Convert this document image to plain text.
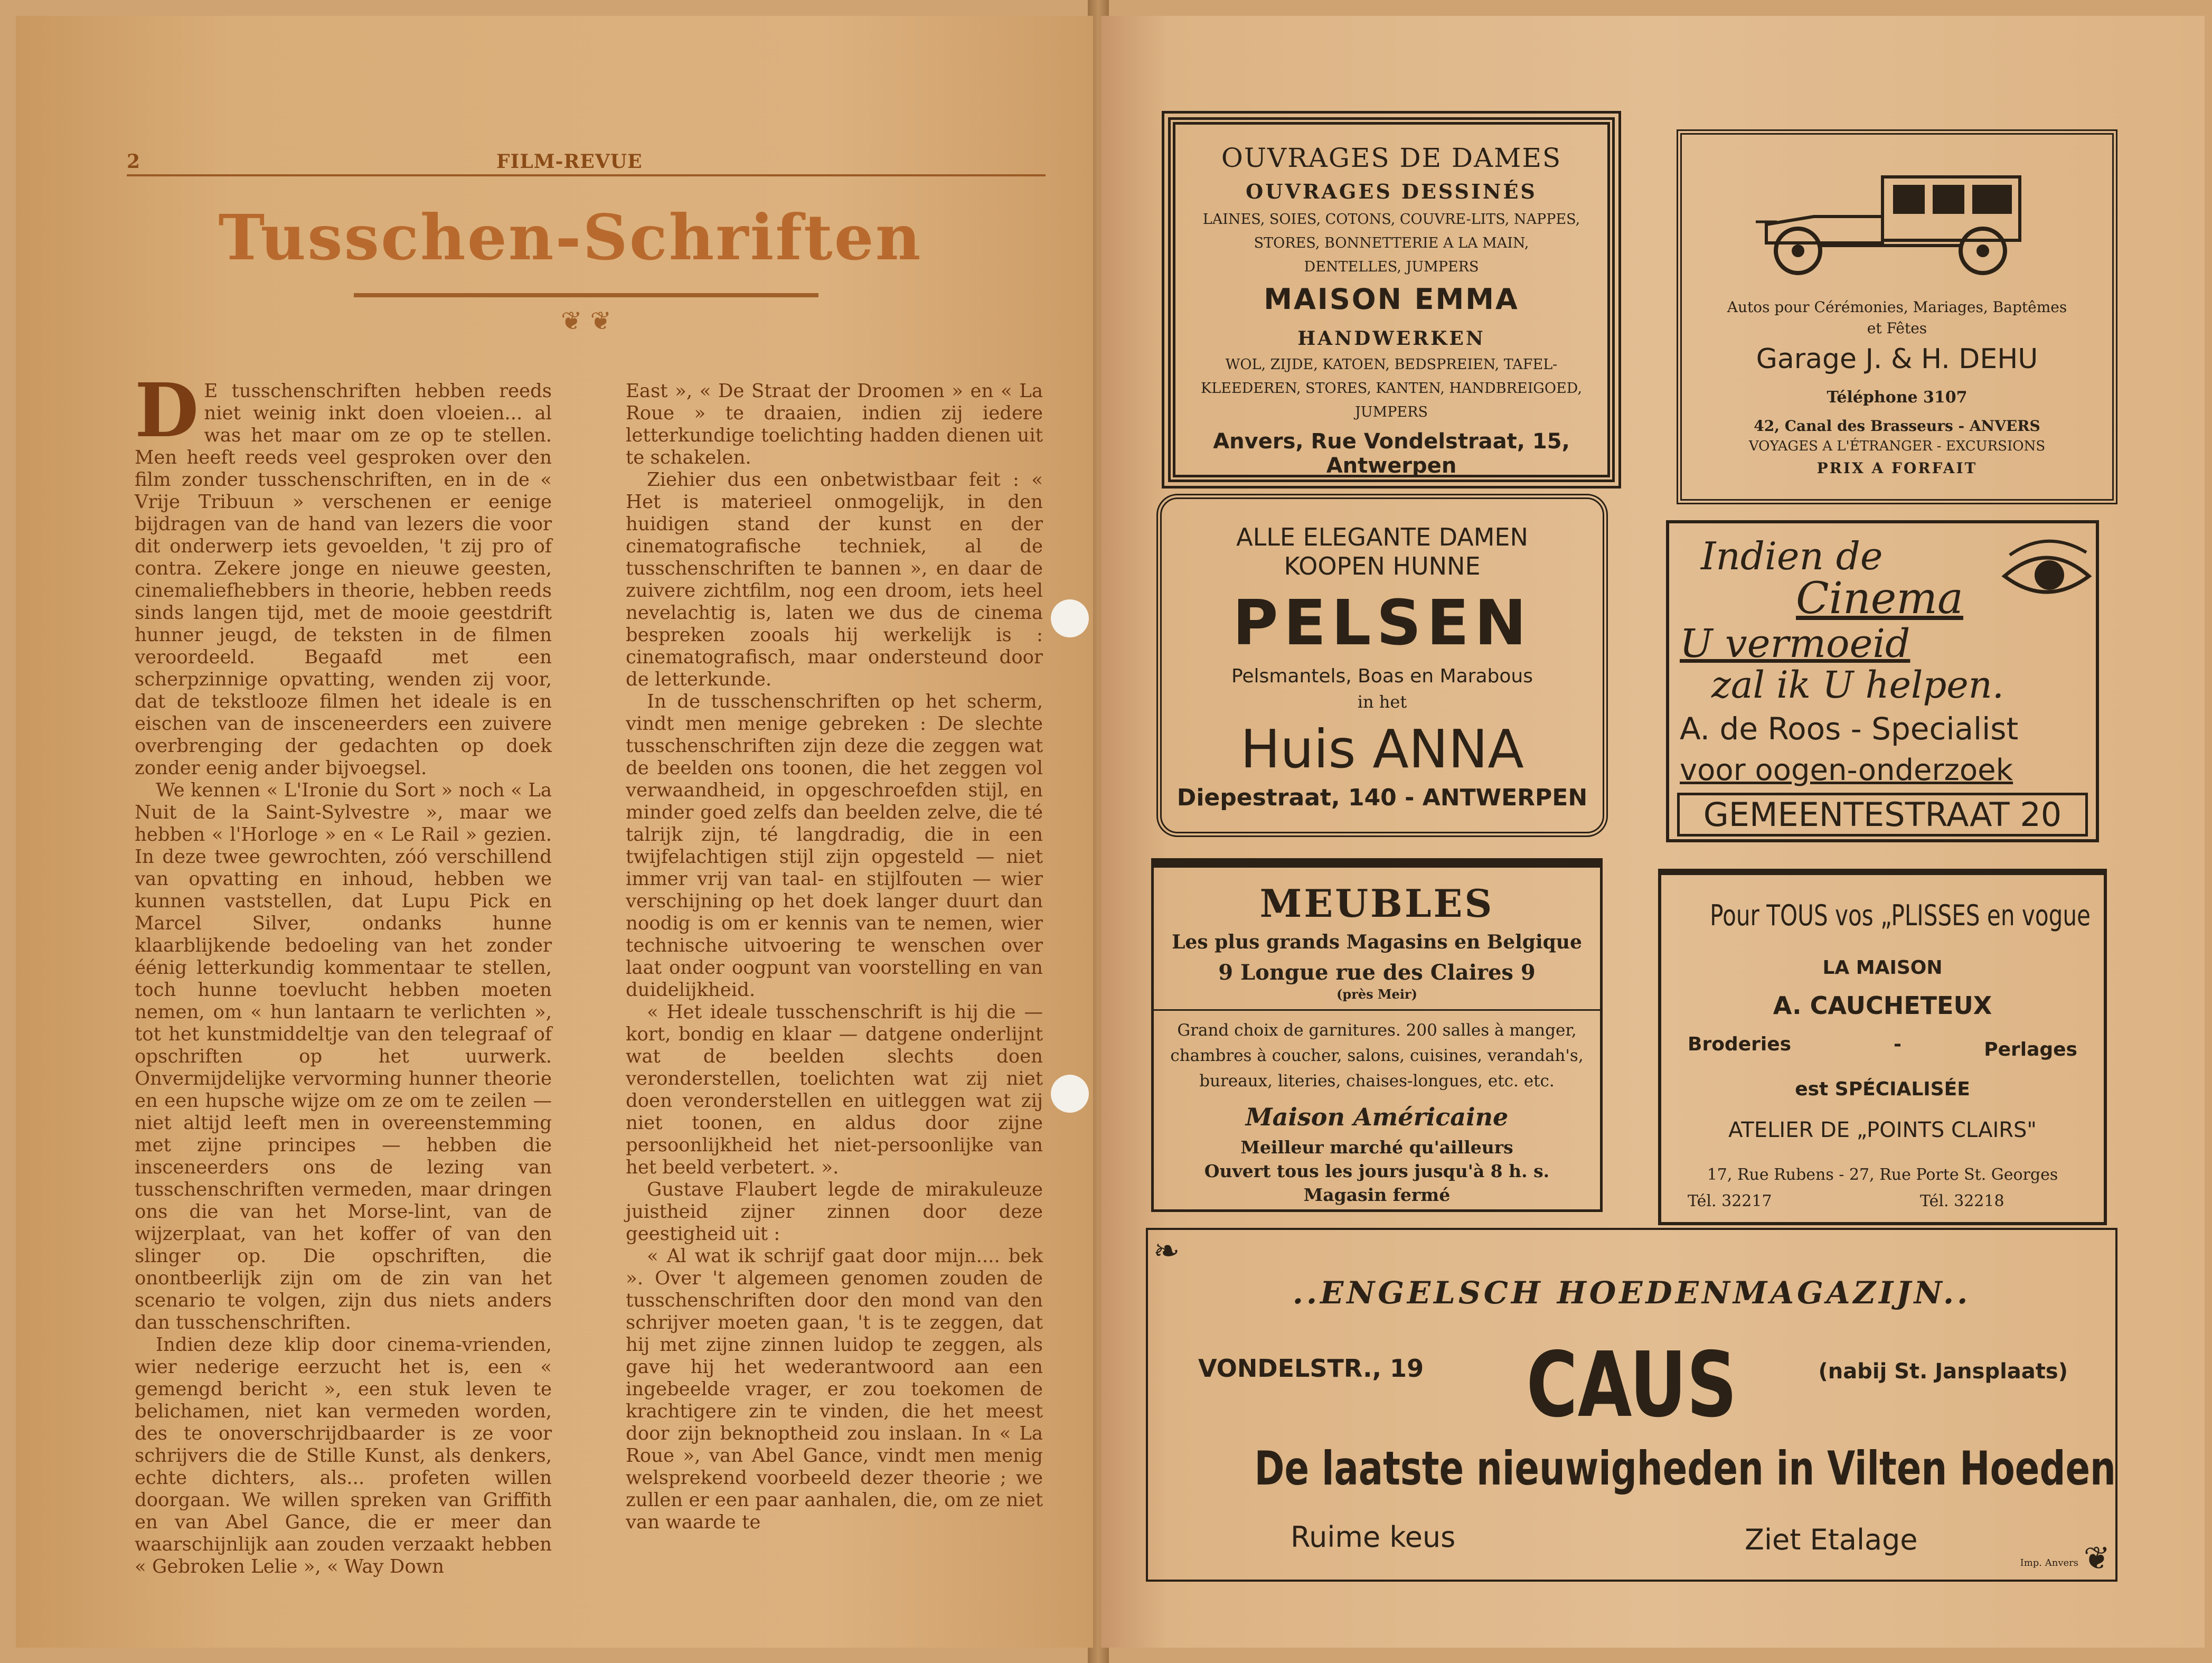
2	FILM-REVUE
Tusschen-Schriften
❦ ❦

D E tusschenschriften hebben reeds niet weinig inkt doen vloeien... al was het maar om ze op te stellen. Men heeft reeds veel gesproken over den film zonder tusschenschriften, en in de « Vrije Tribuun » verschenen er eenige bijdragen van de hand van lezers die voor dit onderwerp iets gevoelden, 't zij pro of contra. Zekere jonge en nieuwe geesten, cinemaliefhebbers in theorie, hebben reeds sinds langen tijd, met de mooie geestdrift hunner jeugd, de teksten in de filmen veroordeeld. Begaafd met een scherpzinnige opvatting, wenden zij voor, dat de tekstlooze filmen het ideale is en eischen van de insceneerders een zuivere overbrenging der gedachten op doek zonder eenig ander bijvoegsel.

We kennen « L'Ironie du Sort » noch « La Nuit de la Saint-Sylvestre », maar we hebben « l'Horloge » en « Le Rail » gezien. In deze twee gewrochten, zóó verschillend van opvatting en inhoud, hebben we kunnen vaststellen, dat Lupu Pick en Marcel Silver, ondanks hunne klaarblijkende bedoeling van het zonder éénig letterkundig kommentaar te stellen, toch hunne toevlucht hebben moeten nemen, om « hun lantaarn te verlichten », tot het kunstmiddeltje van den telegraaf of opschriften op het uurwerk. Onvermijdelijke vervorming hunner theorie en een hupsche wijze om ze om te zeilen — niet altijd leeft men in overeenstemming met zijne principes — hebben die insceneerders ons de lezing van tusschenschriften vermeden, maar dringen ons die van het Morse-lint, van de wijzerplaat, van het koffer of van den slinger op. Die opschriften, die onontbeerlijk zijn om de zin van het scenario te volgen, zijn dus niets anders dan tusschenschriften.

Indien deze klip door cinema-vrienden, wier nederige eerzucht het is, een « gemengd bericht », een stuk leven te belichamen, niet kan vermeden worden, des te onoverschrijdbaarder is ze voor schrijvers die de Stille Kunst, als denkers, echte dichters, als... profeten willen doorgaan. We willen spreken van Griffith en van Abel Gance, die er meer dan waarschijnlijk aan zouden verzaakt hebben « Gebroken Lelie », « Way Down

East », « De Straat der Droomen » en « La Roue » te draaien, indien zij iedere letterkundige toelichting hadden dienen uit te schakelen.

Ziehier dus een onbetwistbaar feit : « Het is materieel onmogelijk, in den huidigen stand der kunst en der cinematografische techniek, al de tusschenschriften te bannen », en daar de zuivere zichtfilm, nog een droom, iets heel nevelachtig is, laten we dus de cinema bespreken zooals hij werkelijk is : cinematografisch, maar ondersteund door de letterkunde.

In de tusschenschriften op het scherm, vindt men menige gebreken : De slechte tusschenschriften zijn deze die zeggen wat de beelden ons toonen, die het zeggen vol verwaandheid, in opgeschroefden stijl, en minder goed zelfs dan beelden zelve, die té talrijk zijn, té langdradig, die in een twijfelachtigen stijl zijn opgesteld — niet immer vrij van taal- en stijlfouten — wier verschijning op het doek langer duurt dan noodig is om er kennis van te nemen, wier technische uitvoering te wenschen over laat onder oogpunt van voorstelling en van duidelijkheid.

« Het ideale tusschenschrift is hij die — kort, bondig en klaar — datgene onderlijnt wat de beelden slechts doen veronderstellen, toelichten wat zij niet doen veronderstellen en uitleggen wat zij niet toonen, en aldus door zijne persoonlijkheid het niet-persoonlijke van het beeld verbetert. ».

Gustave Flaubert legde de mirakuleuze juistheid zijner zinnen door deze geestigheid uit :

« Al wat ik schrijf gaat door mijn.... bek ». Over 't algemeen genomen zouden de tusschenschriften door den mond van den schrijver moeten gaan, 't is te zeggen, dat hij met zijne zinnen luidop te zeggen, als gave hij het wederantwoord aan een ingebeelde vrager, er zou toekomen de krachtigere zin te vinden, die het meest door zijn beknoptheid zou inslaan. In « La Roue », van Abel Gance, vindt men menig welsprekend voorbeeld dezer theorie ; we zullen er een paar aanhalen, die, om ze niet van waarde te

OUVRAGES DE DAMES
OUVRAGES DESSINÉS
LAINES, SOIES, COTONS, COUVRE-LITS, NAPPES,
STORES, BONNETTERIE A LA MAIN,
DENTELLES, JUMPERS
MAISON EMMA
HANDWERKEN
WOL, ZIJDE, KATOEN, BEDSPREIEN, TAFEL-
KLEEDEREN, STORES, KANTEN, HANDBREIGOED,
JUMPERS
Anvers, Rue Vondelstraat, 15, Antwerpen
Autos pour Cérémonies, Mariages, Baptêmes
et Fêtes
Garage J. & H. DEHU
Téléphone 3107
42, Canal des Brasseurs - ANVERS
VOYAGES A L'ÉTRANGER - EXCURSIONS
PRIX A FORFAIT
ALLE ELEGANTE DAMEN
KOOPEN HUNNE
PELSEN
Pelsmantels, Boas en Marabous
in het
Huis ANNA
Diepestraat, 140 - ANTWERPEN
Indien de
Cinema
U vermoeid
zal ik U helpen.
A. de Roos - Specialist
voor oogen-onderzoek
GEMEENTESTRAAT 20
MEUBLES
Les plus grands Magasins en Belgique
9 Longue rue des Claires 9
(près Meir)
Grand choix de garnitures. 200 salles à manger,
chambres à coucher, salons, cuisines, verandah's,
bureaux, literies, chaises-longues, etc. etc.
Maison Américaine
Meilleur marché qu'ailleurs
Ouvert tous les jours jusqu'à 8 h. s.
Magasin fermé
Pour TOUS vos „PLISSES en vogue
LA MAISON
A. CAUCHETEUX
Broderies	-	Perlages
est SPÉCIALISÉE
ATELIER DE „POINTS CLAIRS"
17, Rue Rubens - 27, Rue Porte St. Georges
Tél. 32217	Tél. 32218
❧
❦
..ENGELSCH HOEDENMAGAZIJN..
VONDELSTR., 19	CAUS	(nabij St. Jansplaats)
De laatste nieuwigheden in Vilten Hoeden
Ruime keus	Ziet Etalage
Imp. Anvers
